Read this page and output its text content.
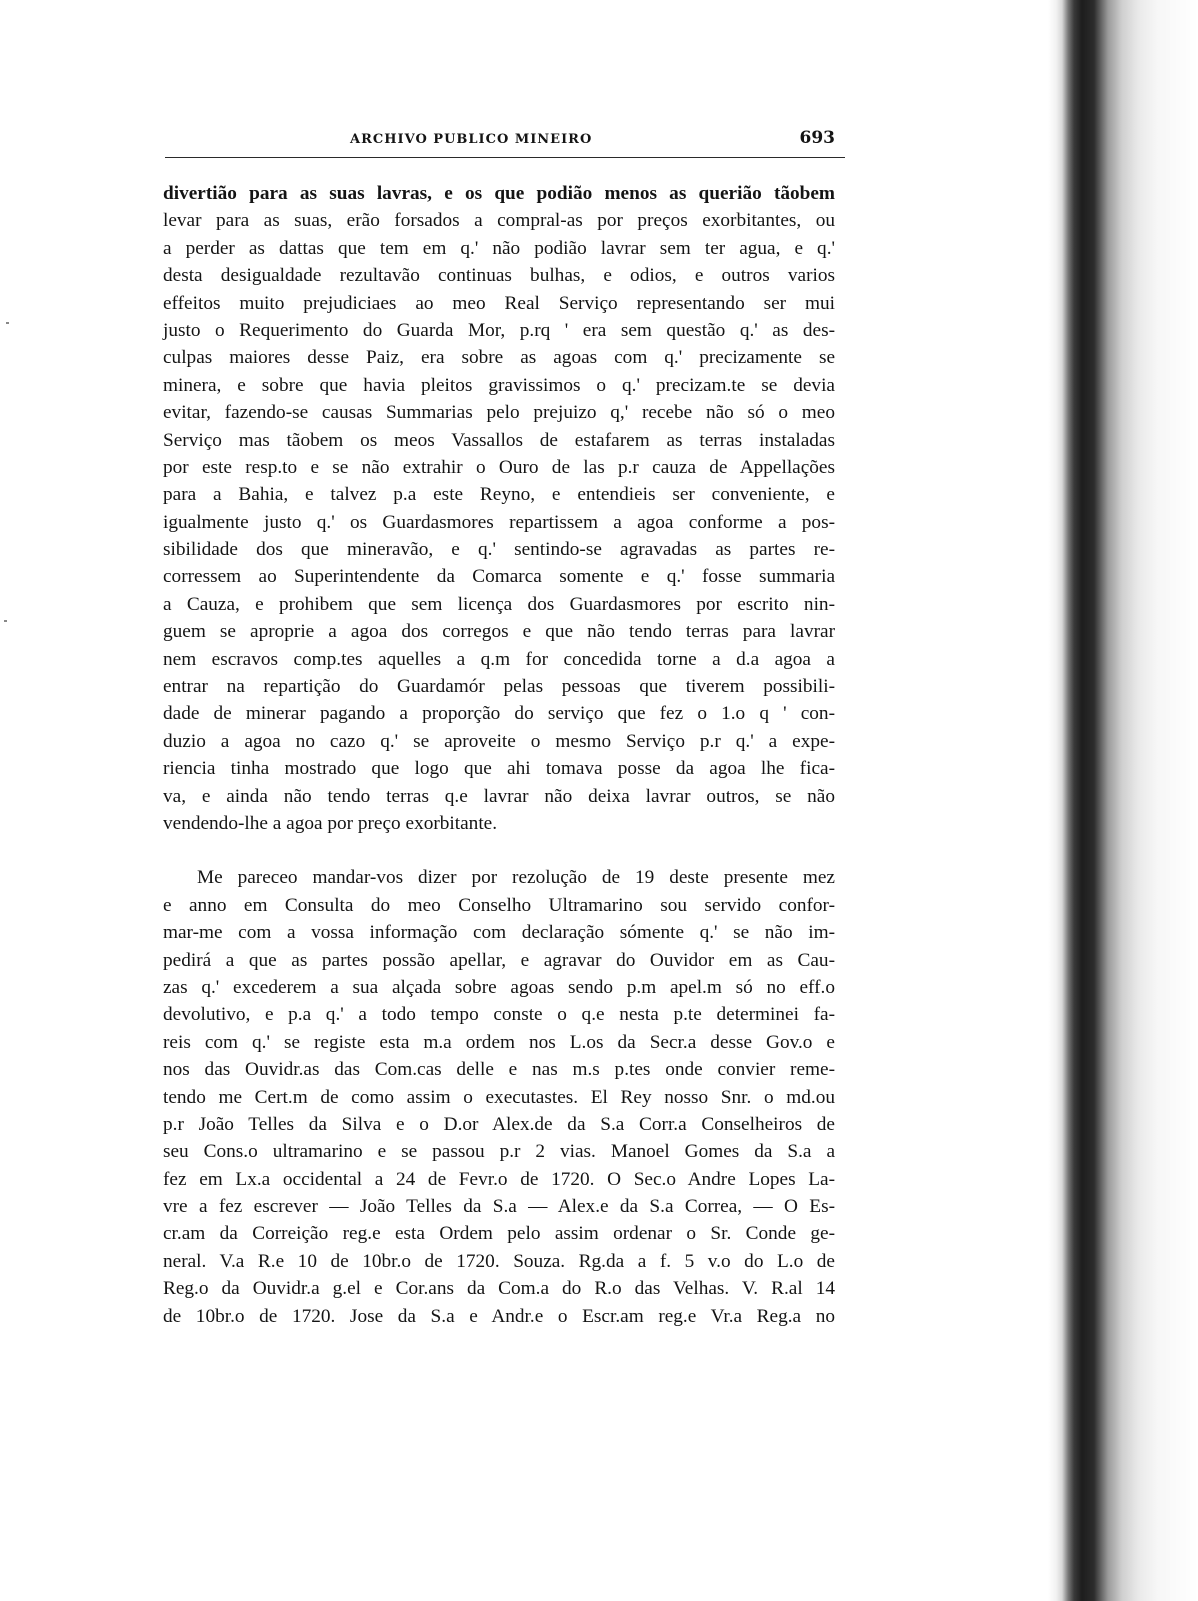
ARCHIVO PUBLICO MINEIRO	693
divertião para as suas lavras, e os que podião menos as querião tãobem
levar para as suas, erão forsados a compral‑as por preços exorbitantes, ou
a perder as dattas que tem em q.' não podião lavrar sem ter agua, e q.'
desta desigualdade rezultavão continuas bulhas, e odios, e outros varios
effeitos muito prejudiciaes ao meo Real Serviço representando ser mui
justo o Requerimento do Guarda Mor, p.rq ' era sem questão q.' as des-
culpas maiores desse Paiz, era sobre as agoas com q.' precizamente se
minera, e sobre que havia pleitos gravissimos o q.' precizam.te se devia
evitar, fazendo-se causas Summarias pelo prejuizo q,' recebe não só o meo
Serviço mas tãobem os meos Vassallos de estafarem as terras instaladas
por este resp.to e se não extrahir o Ouro de las p.r cauza de Appellações
para a Bahia, e talvez p.a este Reyno, e entendieis ser conveniente, e
igualmente justo q.' os Guardasmores repartissem a agoa conforme a pos-
sibilidade dos que mineravão, e q.' sentindo-se agravadas as partes re-
corressem ao Superintendente da Comarca somente e q.' fosse summaria
a Cauza, e prohibem que sem licença dos Guardasmores por escrito nin-
guem se aproprie a agoa dos corregos e que não tendo terras para lavrar
nem escravos comp.tes aquelles a q.m for concedida torne a d.a agoa a
entrar na repartição do Guardamór pelas pessoas que tiverem possibili-
dade de minerar pagando a proporção do serviço que fez o 1.o q ' con-
duzio a agoa no cazo q.' se aproveite o mesmo Serviço p.r q.' a expe-
riencia tinha mostrado que logo que ahi tomava posse da agoa lhe fica-
va, e ainda não tendo terras q.e lavrar não deixa lavrar outros, se não
vendendo-lhe a agoa por preço exorbitante.
Me pareceo mandar-vos dizer por rezolução de 19 deste presente mez
e anno em Consulta do meo Conselho Ultramarino sou servido confor-
mar-me com a vossa informação com declaração sómente q.' se não im-
pedirá a que as partes possão apellar, e agravar do Ouvidor em as Cau-
zas q.' excederem a sua alçada sobre agoas sendo p.m apel.m só no eff.o
devolutivo, e p.a q.' a todo tempo conste o q.e nesta p.te determinei fa-
reis com q.' se registe esta m.a ordem nos L.os da Secr.a desse Gov.o e
nos das Ouvidr.as das Com.cas delle e nas m.s p.tes onde convier reme-
tendo me Cert.m de como assim o executastes. El Rey nosso Snr. o md.ou
p.r João Telles da Silva e o D.or Alex.de da S.a Corr.a Conselheiros de
seu Cons.o ultramarino e se passou p.r 2 vias. Manoel Gomes da S.a a
fez em Lx.a occidental a 24 de Fevr.o de 1720. O Sec.o Andre Lopes La-
vre a fez escrever — João Telles da S.a — Alex.e da S.a Correa, — O Es-
cr.am da Correição reg.e esta Ordem pelo assim ordenar o Sr. Conde ge-
neral. V.a R.e 10 de 10br.o de 1720. Souza. Rg.da a f. 5 v.o do L.o de
Reg.o da Ouvidr.a g.el e Cor.ans da Com.a do R.o das Velhas. V. R.al 14
de 10br.o de 1720. Jose da S.a e Andr.e o Escr.am reg.e Vr.a Reg.a no
